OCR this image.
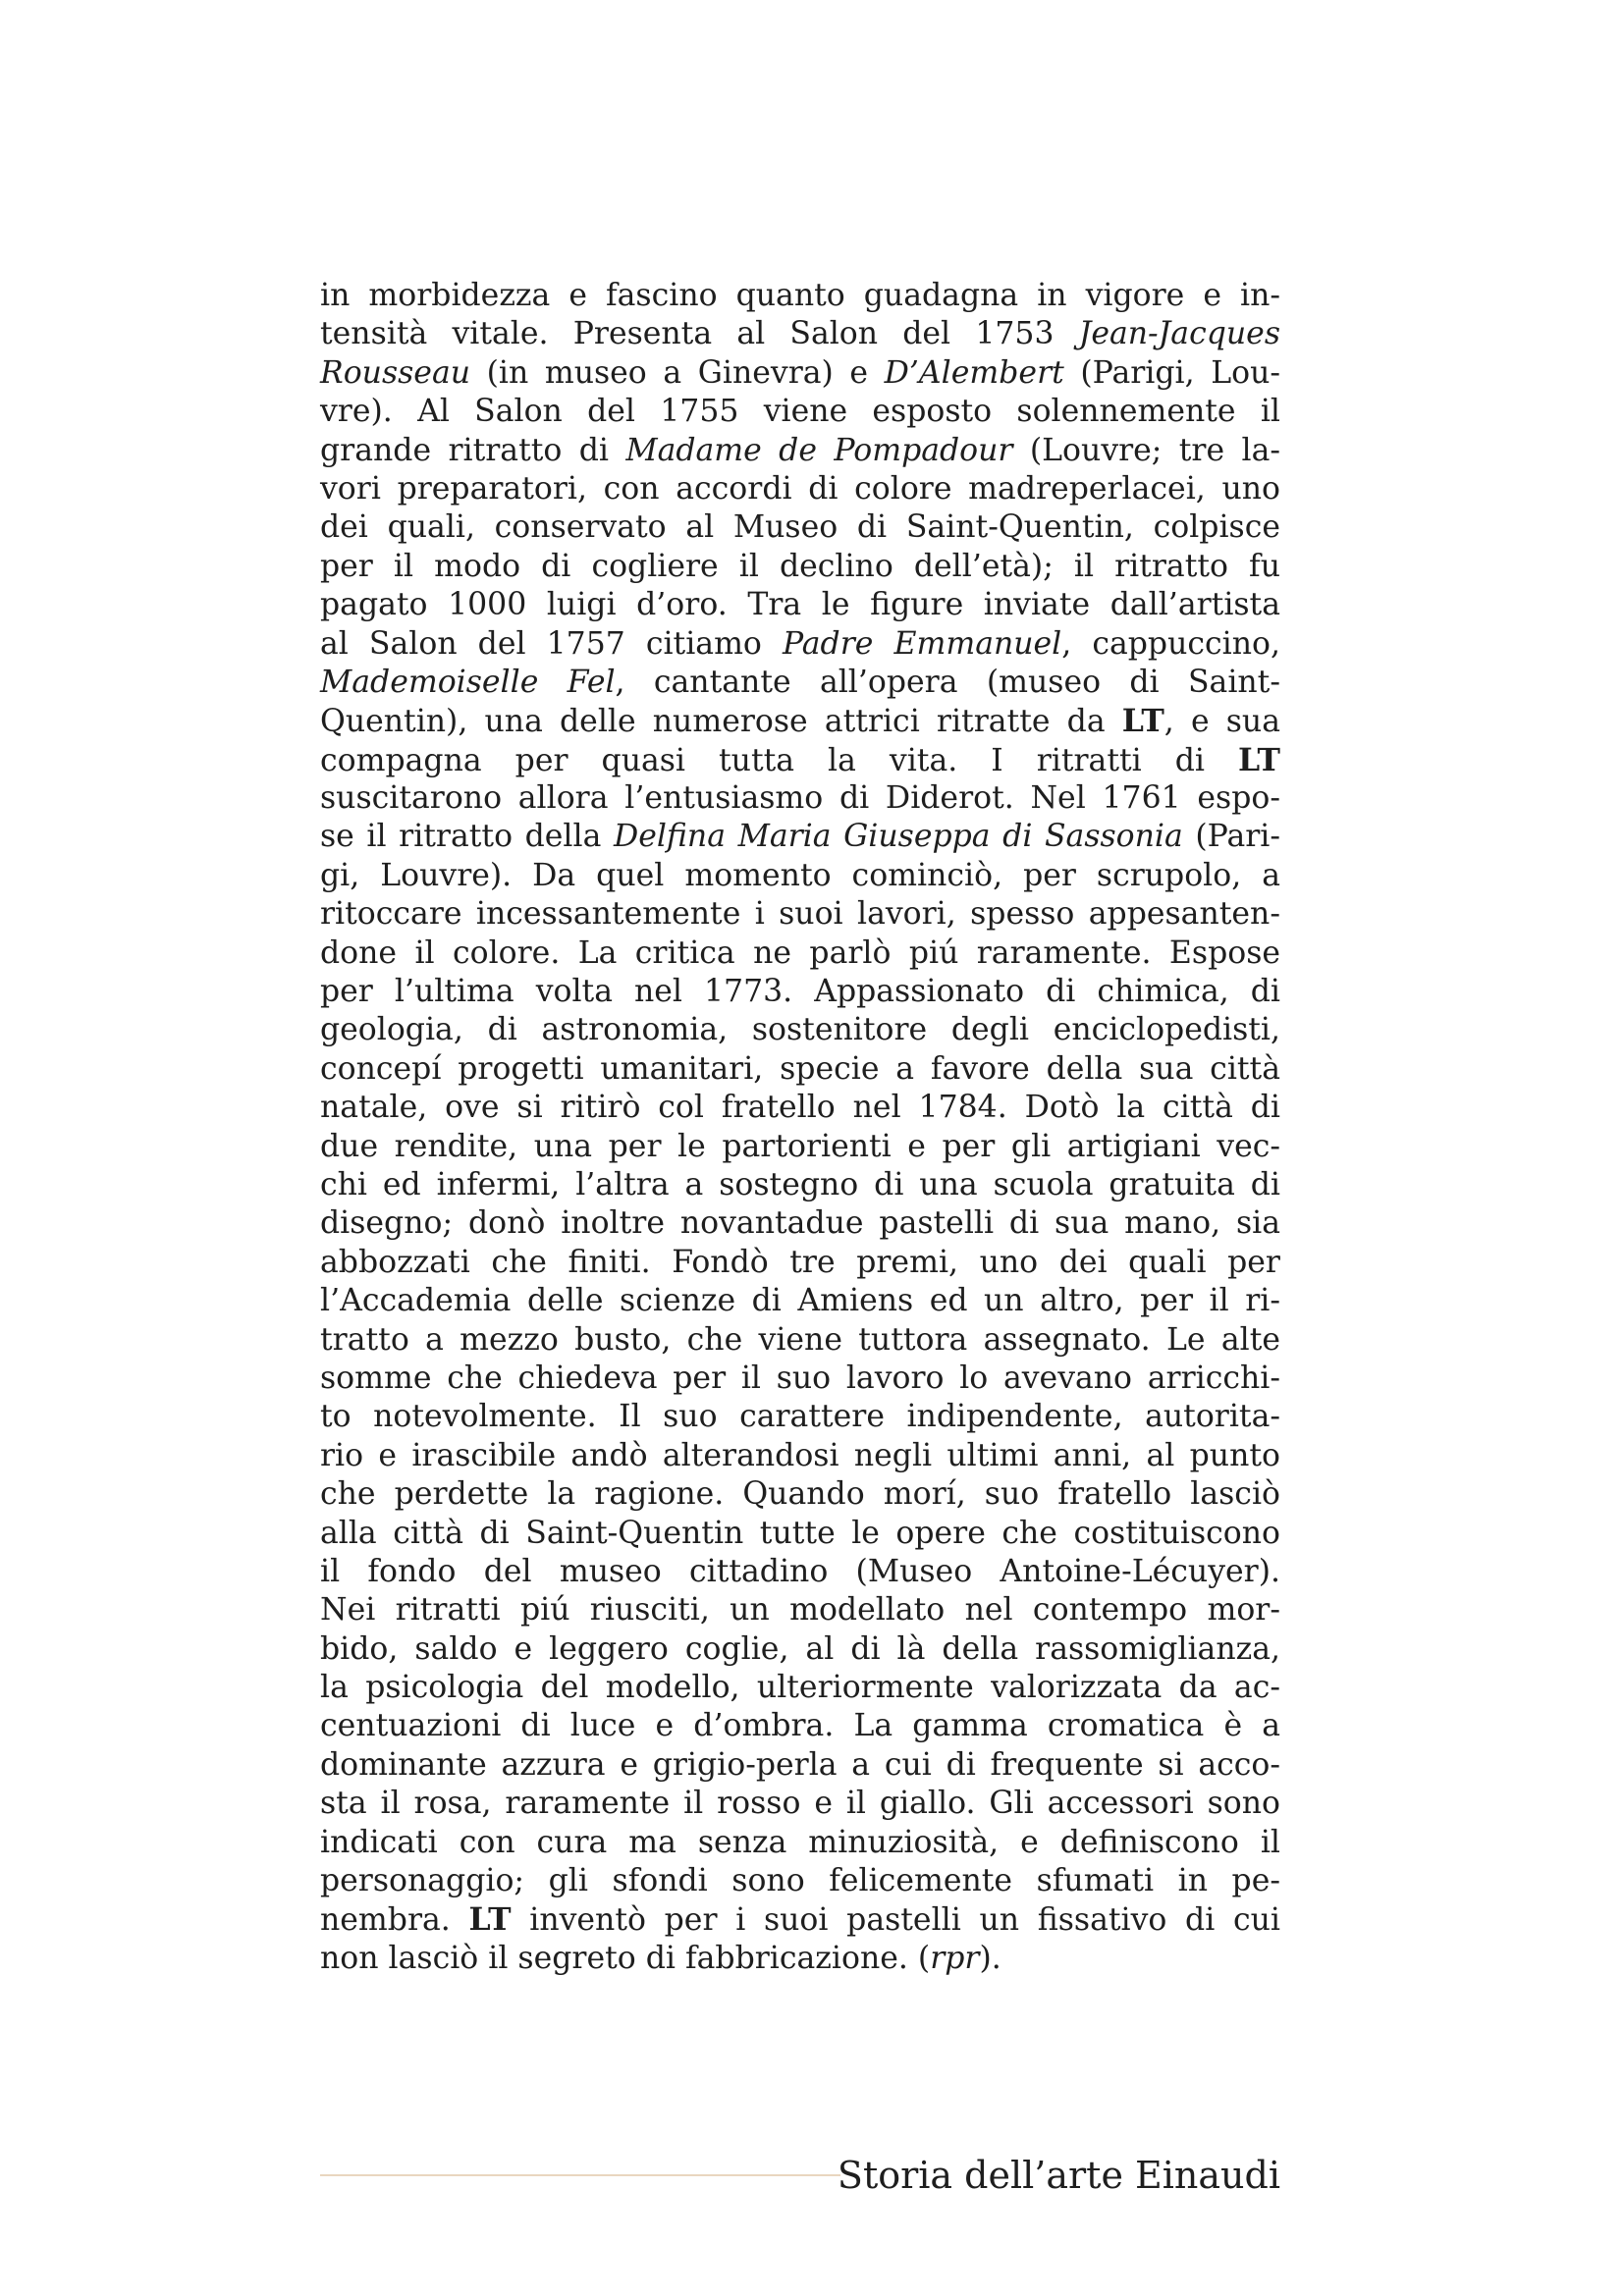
in morbidezza e fascino quanto guadagna in vigore e in-
tensità vitale. Presenta al Salon del 1753 Jean-Jacques
Rousseau (in museo a Ginevra) e D’Alembert (Parigi, Lou-
vre). Al Salon del 1755 viene esposto solennemente il
grande ritratto di Madame de Pompadour (Louvre; tre la-
vori preparatori, con accordi di colore madreperlacei, uno
dei quali, conservato al Museo di Saint-Quentin, colpisce
per il modo di cogliere il declino dell’età); il ritratto fu
pagato 1000 luigi d’oro. Tra le figure inviate dall’artista
al Salon del 1757 citiamo Padre Emmanuel, cappuccino,
Mademoiselle Fel, cantante all’opera (museo di Saint-
Quentin), una delle numerose attrici ritratte da LT, e sua
compagna per quasi tutta la vita. I ritratti di LT
suscitarono allora l’entusiasmo di Diderot. Nel 1761 espo-
se il ritratto della Delfina Maria Giuseppa di Sassonia (Pari-
gi, Louvre). Da quel momento cominciò, per scrupolo, a
ritoccare incessantemente i suoi lavori, spesso appesanten-
done il colore. La critica ne parlò piú raramente. Espose
per l’ultima volta nel 1773. Appassionato di chimica, di
geologia, di astronomia, sostenitore degli enciclopedisti,
concepí progetti umanitari, specie a favore della sua città
natale, ove si ritirò col fratello nel 1784. Dotò la città di
due rendite, una per le partorienti e per gli artigiani vec-
chi ed infermi, l’altra a sostegno di una scuola gratuita di
disegno; donò inoltre novantadue pastelli di sua mano, sia
abbozzati che finiti. Fondò tre premi, uno dei quali per
l’Accademia delle scienze di Amiens ed un altro, per il ri-
tratto a mezzo busto, che viene tuttora assegnato. Le alte
somme che chiedeva per il suo lavoro lo avevano arricchi-
to notevolmente. Il suo carattere indipendente, autorita-
rio e irascibile andò alterandosi negli ultimi anni, al punto
che perdette la ragione. Quando morí, suo fratello lasciò
alla città di Saint-Quentin tutte le opere che costituiscono
il fondo del museo cittadino (Museo Antoine-Lécuyer).
Nei ritratti piú riusciti, un modellato nel contempo mor-
bido, saldo e leggero coglie, al di là della rassomiglianza,
la psicologia del modello, ulteriormente valorizzata da ac-
centuazioni di luce e d’ombra. La gamma cromatica è a
dominante azzura e grigio-perla a cui di frequente si acco-
sta il rosa, raramente il rosso e il giallo. Gli accessori sono
indicati con cura ma senza minuziosità, e definiscono il
personaggio; gli sfondi sono felicemente sfumati in pe-
nembra. LT inventò per i suoi pastelli un fissativo di cui
non lasciò il segreto di fabbricazione. (rpr).
Storia dell’arte Einaudi
